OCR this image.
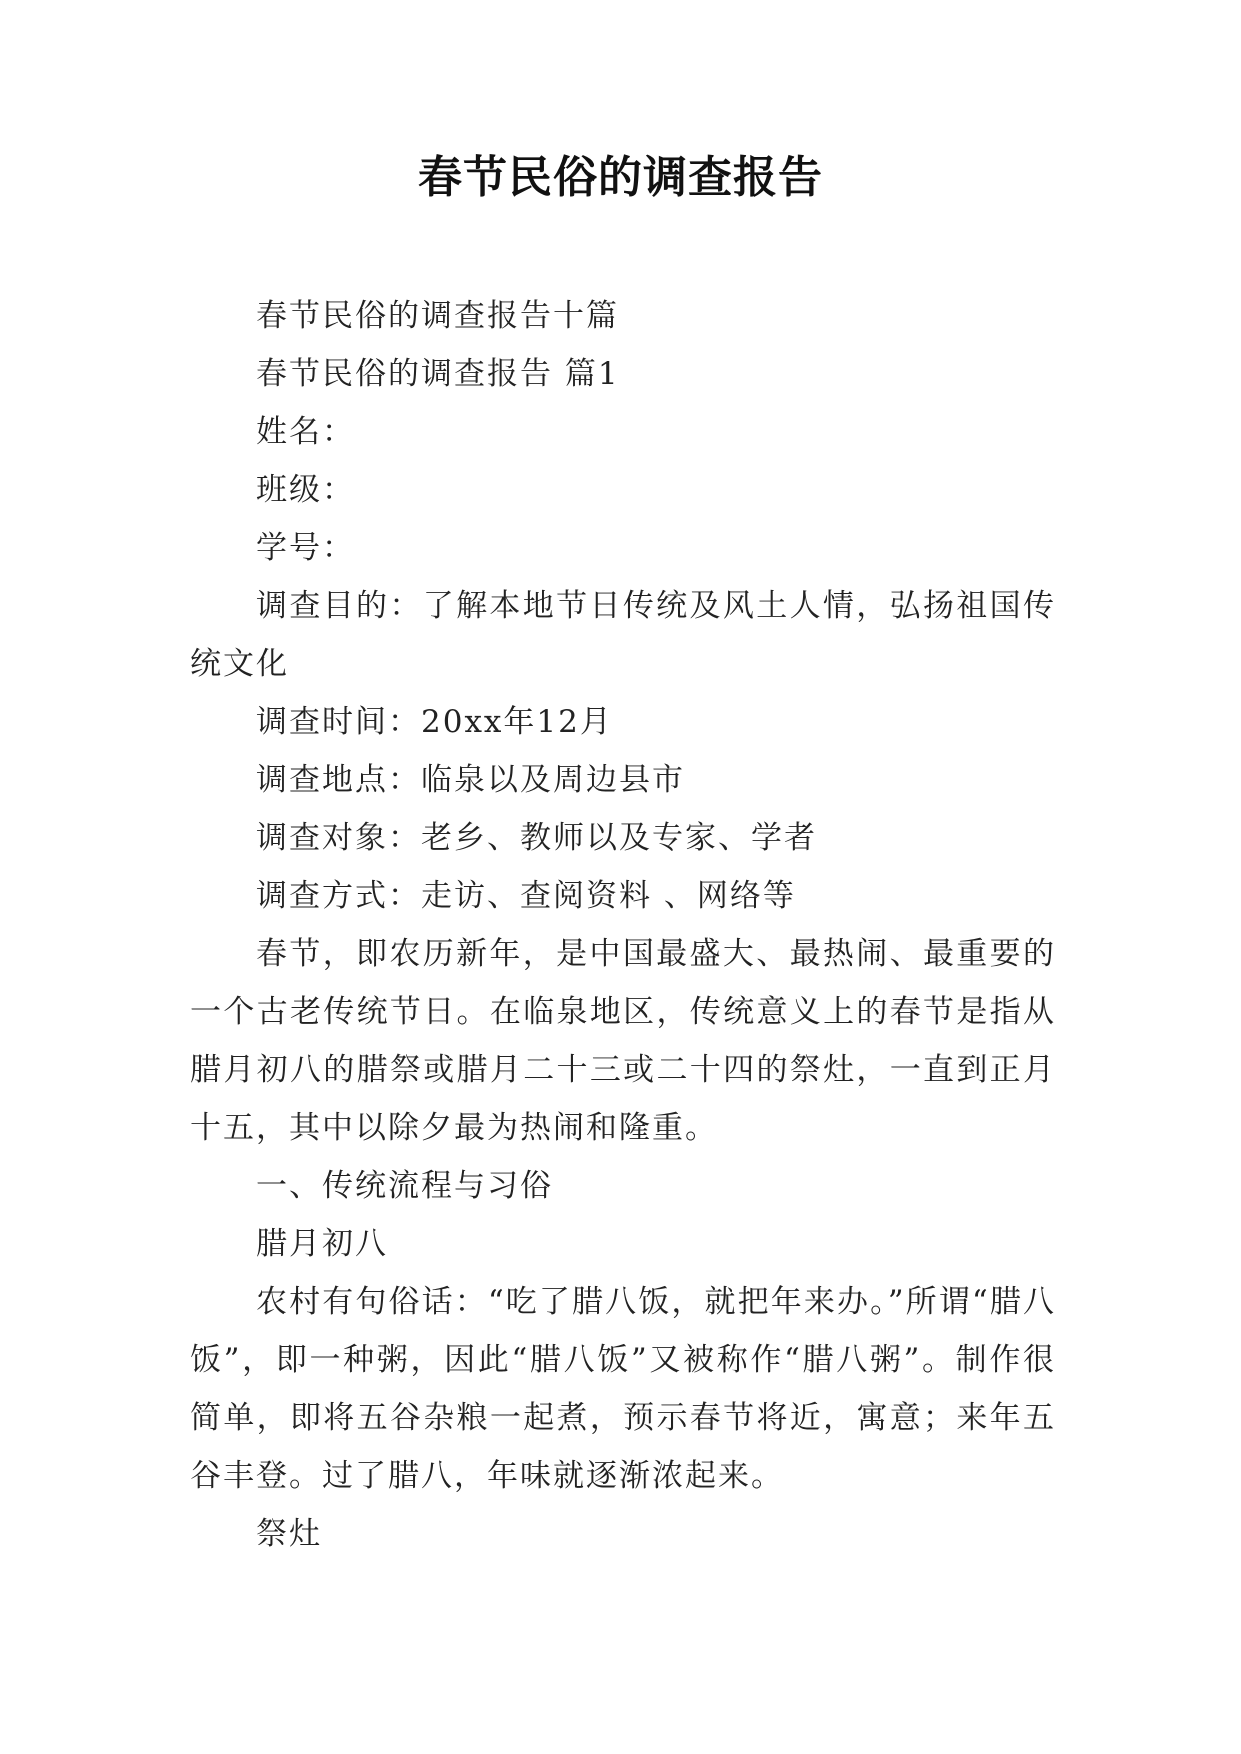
春节民俗的调查报告

春节民俗的调查报告十篇

春节民俗的调查报告 篇1

姓名：

班级：

学号：

调查目的：了解本地节日传统及风土人情，弘扬祖国传统文化

调查时间：20xx年12月

调查地点：临泉以及周边县市

调查对象：老乡、教师以及专家、学者

调查方式：走访、查阅资料 、网络等

春节，即农历新年，是中国最盛大、最热闹、最重要的一个古老传统节日。在临泉地区，传统意义上的春节是指从腊月初八的腊祭或腊月二十三或二十四的祭灶，一直到正月十五，其中以除夕最为热闹和隆重。

一、传统流程与习俗

腊月初八

农村有句俗话：“吃了腊八饭，就把年来办。”所谓“腊八饭”，即一种粥，因此“腊八饭”又被称作“腊八粥”。制作很简单，即将五谷杂粮一起煮，预示春节将近，寓意；来年五谷丰登。过了腊八，年味就逐渐浓起来。

祭灶
